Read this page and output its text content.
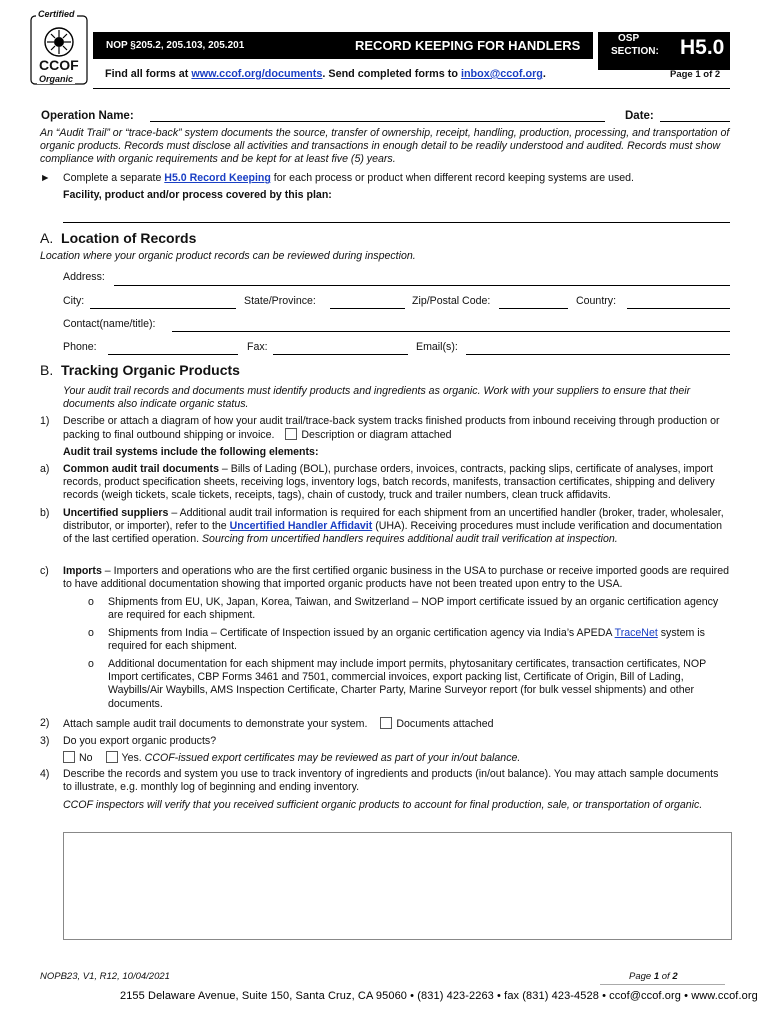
Certified
CCOF
Organic
NOP §205.2, 205.103, 205.201	RECORD KEEPING FOR HANDLERS	OSP
SECTION: H5.0
Find all forms at www.ccof.org/documents. Send completed forms to inbox@ccof.org.	Page 1 of 2
Operation Name:	Date:
An “Audit Trail” or “trace-back” system documents the source, transfer of ownership, receipt, handling, production, processing, and transportation of organic products. Records must disclose all activities and transactions in enough detail to be readily understood and audited. Records must show compliance with organic requirements and be kept for at least five (5) years.
► Complete a separate H5.0 Record Keeping for each process or product when different record keeping systems are used.
Facility, product and/or process covered by this plan:
A. Location of Records
Location where your organic product records can be reviewed during inspection.
Address:
City:	State/Province:	Zip/Postal Code:	Country:
Contact(name/title):
Phone:	Fax:	Email(s):
B. Tracking Organic Products
Your audit trail records and documents must identify products and ingredients as organic. Work with your suppliers to ensure that their documents also indicate organic status.
1) Describe or attach a diagram of how your audit trail/trace-back system tracks finished products from inbound receiving through production or packing to final outbound shipping or invoice.	Description or diagram attached
Audit trail systems include the following elements:
a) Common audit trail documents – Bills of Lading (BOL), purchase orders, invoices, contracts, packing slips, certificate of analyses, import records, product specification sheets, receiving logs, inventory logs, batch records, manifests, transaction certificates, shipping and delivery records (weigh tickets, scale tickets, receipts, tags), chain of custody, truck and trailer numbers, clean truck affidavits.
b) Uncertified suppliers – Additional audit trail information is required for each shipment from an uncertified handler (broker, trader, wholesaler, distributor, or importer), refer to the Uncertified Handler Affidavit (UHA). Receiving procedures must include verification and documentation of the last certified operation. Sourcing from uncertified handlers requires additional audit trail verification at inspection.
c) Imports – Importers and operations who are the first certified organic business in the USA to purchase or receive imported goods are required to have additional documentation showing that imported organic products have not been treated upon entry to the USA.
o Shipments from EU, UK, Japan, Korea, Taiwan, and Switzerland – NOP import certificate issued by an organic certification agency are required for each shipment.
o Shipments from India – Certificate of Inspection issued by an organic certification agency via India’s APEDA TraceNet system is required for each shipment.
o Additional documentation for each shipment may include import permits, phytosanitary certificates, transaction certificates, NOP Import certificates, CBP Forms 3461 and 7501, commercial invoices, export packing list, Certificate of Origin, Bill of Lading, Waybills/Air Waybills, AMS Inspection Certificate, Charter Party, Marine Surveyor report (for bulk vessel shipments) and other documents.
2) Attach sample audit trail documents to demonstrate your system.	Documents attached
3) Do you export organic products?
No	Yes. CCOF-issued export certificates may be reviewed as part of your in/out balance.
4) Describe the records and system you use to track inventory of ingredients and products (in/out balance). You may attach sample documents to illustrate, e.g. monthly log of beginning and ending inventory.
CCOF inspectors will verify that you received sufficient organic products to account for final production, sale, or transportation of organic.
NOPB23, V1, R12, 10/04/2021	Page 1 of 2
2155 Delaware Avenue, Suite 150, Santa Cruz, CA 95060 • (831) 423-2263 • fax (831) 423-4528 • ccof@ccof.org • www.ccof.org
